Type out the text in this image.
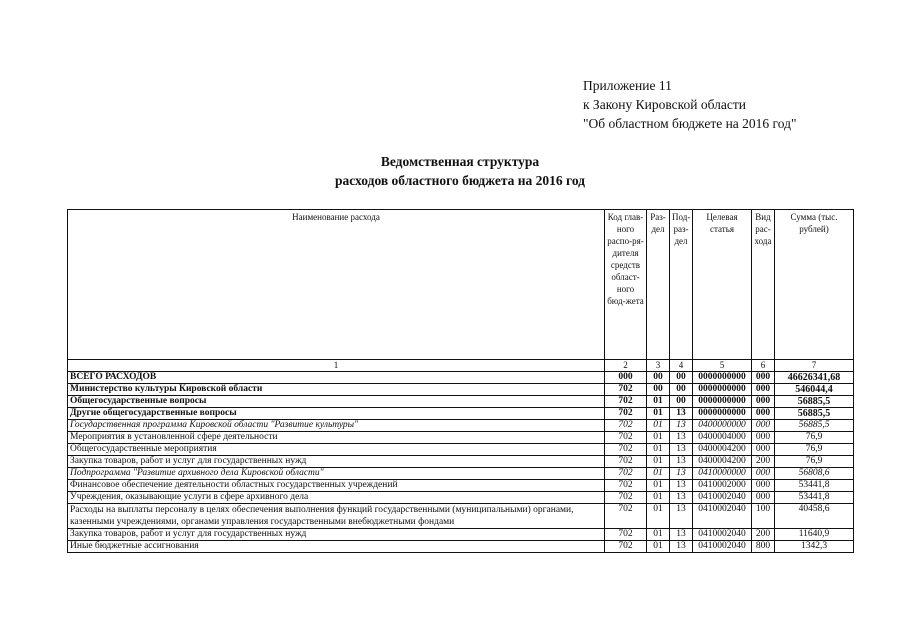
Приложение 11
к Закону Кировской области
"Об областном бюджете на 2016 год"
Ведомственная структура
расходов областного бюджета на 2016 год
Наименование расхода	Код глав-ного распо-ря-дителя средств област-ного бюд-жета	Раз-дел	Под-раз-дел	Целевая статья	Вид рас-хода	Сумма (тыс. рублей)
1	2	3	4	5	6	7
ВСЕГО РАСХОДОВ	000	00	00	0000000000	000	46626341,68
Министерство культуры Кировской области	702	00	00	0000000000	000	546044,4
Общегосударственные вопросы	702	01	00	0000000000	000	56885,5
Другие общегосударственные вопросы	702	01	13	0000000000	000	56885,5
Государственная программа Кировской области "Развитие культуры"	702	01	13	0400000000	000	56885,5
Мероприятия в установленной сфере деятельности	702	01	13	0400004000	000	76,9
Общегосударственные мероприятия	702	01	13	0400004200	000	76,9
Закупка товаров, работ и услуг для государственных нужд	702	01	13	0400004200	200	76,9
Подпрограмма "Развитие архивного дела Кировской области"	702	01	13	0410000000	000	56808,6
Финансовое обеспечение деятельности областных государственных учреждений	702	01	13	0410002000	000	53441,8
Учреждения, оказывающие услуги в сфере архивного дела	702	01	13	0410002040	000	53441,8
Расходы на выплаты персоналу в целях обеспечения выполнения функций государственными (муниципальными) органами, казенными учреждениями, органами управления государственными внебюджетными фондами	702	01	13	0410002040	100	40458,6
Закупка товаров, работ и услуг для государственных нужд	702	01	13	0410002040	200	11640,9
Иные бюджетные ассигнования	702	01	13	0410002040	800	1342,3
